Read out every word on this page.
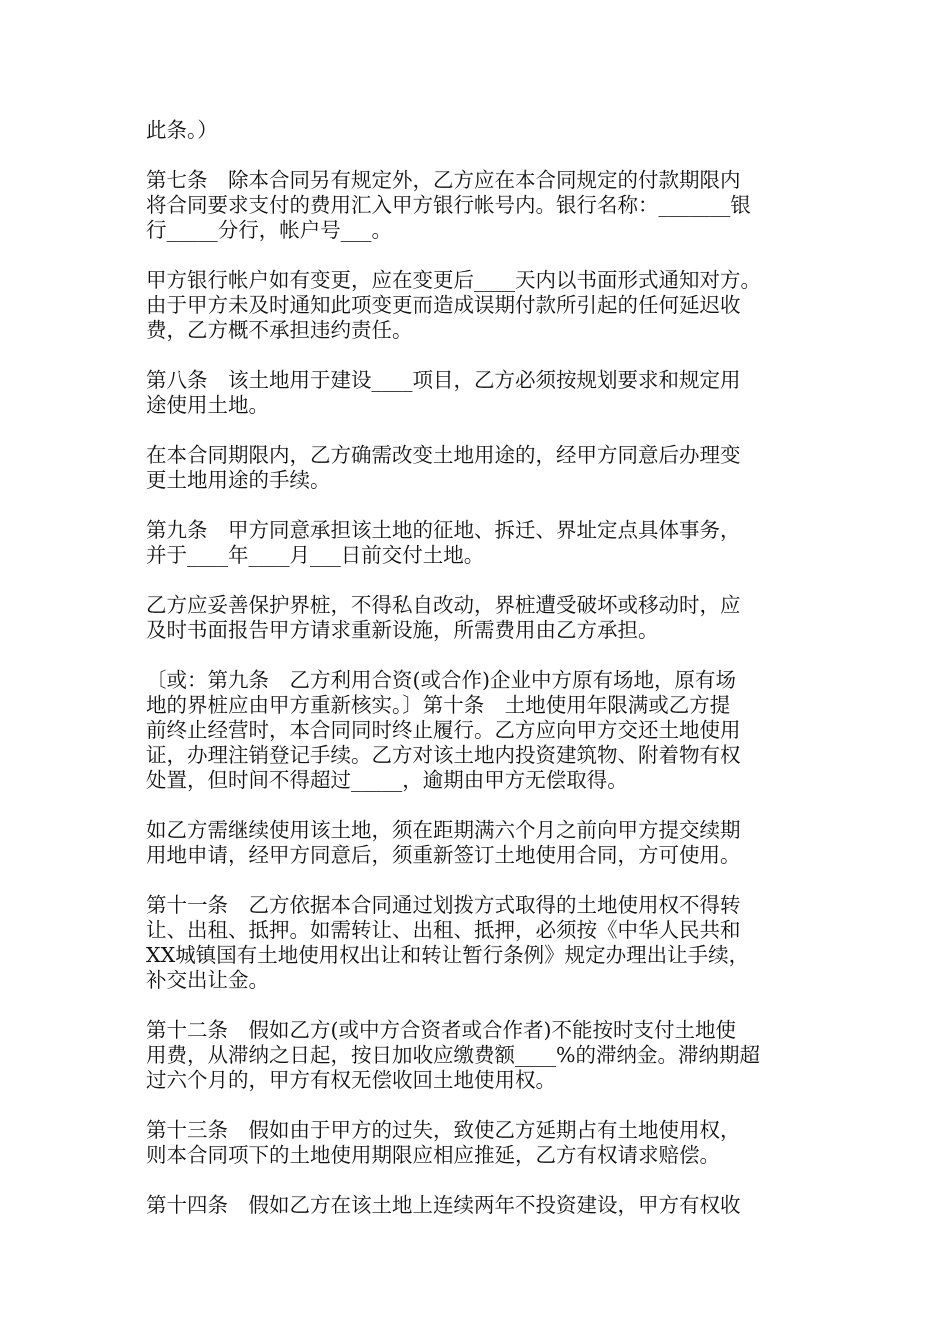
此条。）
第七条　除本合同另有规定外，乙方应在本合同规定的付款期限内
将合同要求支付的费用汇入甲方银行帐号内。银行名称：_______银
行_____分行，帐户号___。
甲方银行帐户如有变更，应在变更后____天内以书面形式通知对方。
由于甲方未及时通知此项变更而造成误期付款所引起的任何延迟收
费，乙方概不承担违约责任。
第八条　该土地用于建设____项目，乙方必须按规划要求和规定用
途使用土地。
在本合同期限内，乙方确需改变土地用途的，经甲方同意后办理变
更土地用途的手续。
第九条　甲方同意承担该土地的征地、拆迁、界址定点具体事务，
并于____年____月___日前交付土地。
乙方应妥善保护界桩，不得私自改动，界桩遭受破坏或移动时，应
及时书面报告甲方请求重新设施，所需费用由乙方承担。
〔或：第九条　乙方利用合资(或合作)企业中方原有场地，原有场
地的界桩应由甲方重新核实。〕第十条　土地使用年限满或乙方提
前终止经营时，本合同同时终止履行。乙方应向甲方交还土地使用
证，办理注销登记手续。乙方对该土地内投资建筑物、附着物有权
处置，但时间不得超过_____，逾期由甲方无偿取得。
如乙方需继续使用该土地，须在距期满六个月之前向甲方提交续期
用地申请，经甲方同意后，须重新签订土地使用合同，方可使用。
第十一条　乙方依据本合同通过划拨方式取得的土地使用权不得转
让、出租、抵押。如需转让、出租、抵押，必须按《中华人民共和
XX城镇国有土地使用权出让和转让暂行条例》规定办理出让手续，
补交出让金。
第十二条　假如乙方(或中方合资者或合作者)不能按时支付土地使
用费，从滞纳之日起，按日加收应缴费额____%的滞纳金。滞纳期超
过六个月的，甲方有权无偿收回土地使用权。
第十三条　假如由于甲方的过失，致使乙方延期占有土地使用权，
则本合同项下的土地使用期限应相应推延，乙方有权请求赔偿。
第十四条　假如乙方在该土地上连续两年不投资建设，甲方有权收
